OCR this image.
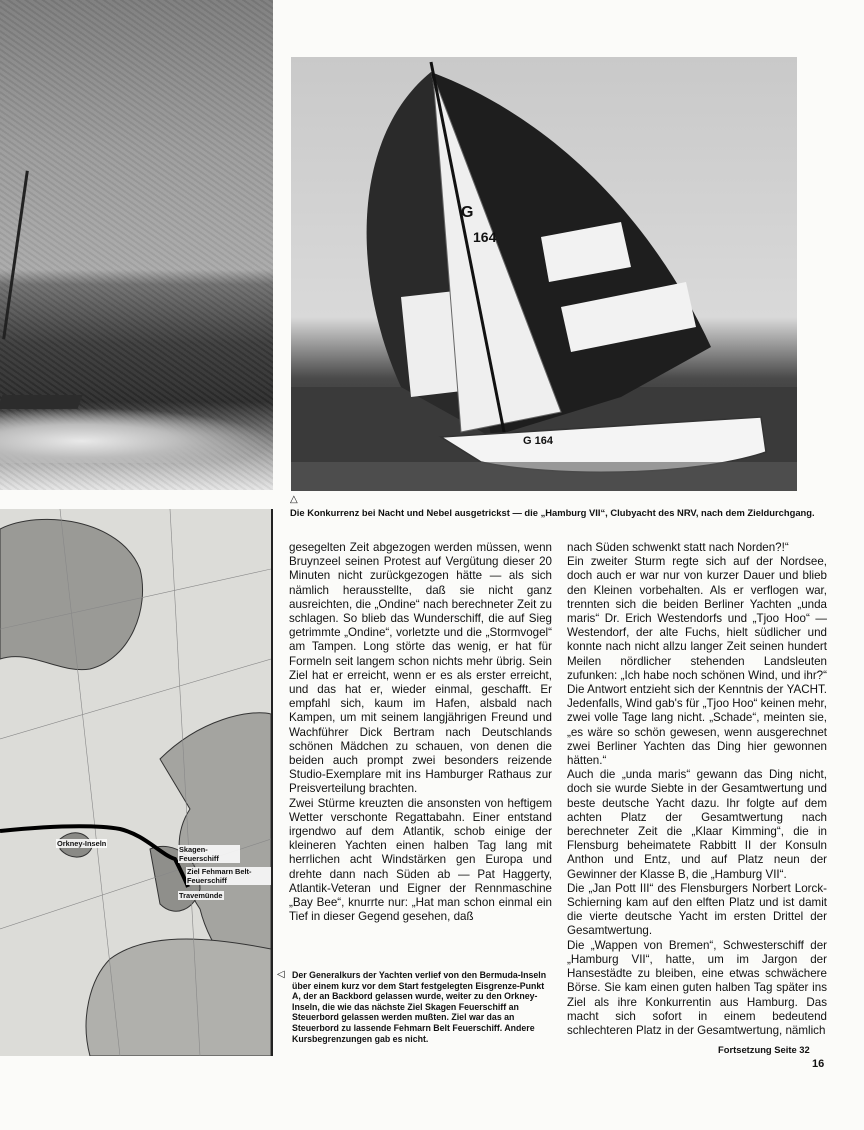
G
164
G 164
△
Die Konkurrenz bei Nacht und Nebel ausgetrickst — die „Hamburg VII“, Clubyacht des NRV, nach dem Zieldurchgang.
Orkney-Inseln
Skagen-Feuerschiff
Ziel Fehmarn Belt-Feuerschiff
Travemünde

gesegelten Zeit abgezogen werden müssen, wenn Bruynzeel seinen Protest auf Vergütung dieser 20 Minuten nicht zurückgezogen hätte — als sich nämlich herausstellte, daß sie nicht ganz ausreichten, die „Ondine“ nach berechneter Zeit zu schlagen. So blieb das Wunderschiff, die auf Sieg getrimmte „Ondine“, vorletzte und die „Stormvogel“ am Tampen. Long störte das wenig, er hat für Formeln seit langem schon nichts mehr übrig. Sein Ziel hat er erreicht, wenn er es als erster erreicht, und das hat er, wieder einmal, geschafft. Er empfahl sich, kaum im Hafen, alsbald nach Kampen, um mit seinem langjährigen Freund und Wachführer Dick Bertram nach Deutschlands schönen Mädchen zu schauen, von denen die beiden auch prompt zwei besonders reizende Studio-Exemplare mit ins Hamburger Rathaus zur Preisverteilung brachten.

Zwei Stürme kreuzten die ansonsten von heftigem Wetter verschonte Regattabahn. Einer entstand irgendwo auf dem Atlantik, schob einige der kleineren Yachten einen halben Tag lang mit herrlichen acht Windstärken gen Europa und drehte dann nach Süden ab — Pat Haggerty, Atlantik-Veteran und Eigner der Rennmaschine „Bay Bee“, knurrte nur: „Hat man schon einmal ein Tief in dieser Gegend gesehen, daß

nach Süden schwenkt statt nach Norden?!“

Ein zweiter Sturm regte sich auf der Nordsee, doch auch er war nur von kurzer Dauer und blieb den Kleinen vorbehalten. Als er verflogen war, trennten sich die beiden Berliner Yachten „unda maris“ Dr. Erich Westendorfs und „Tjoo Hoo“ — Westendorf, der alte Fuchs, hielt südlicher und konnte nach nicht allzu langer Zeit seinen hundert Meilen nördlicher stehenden Landsleuten zufunken: „Ich habe noch schönen Wind, und ihr?“ Die Antwort entzieht sich der Kenntnis der YACHT. Jedenfalls, Wind gab's für „Tjoo Hoo“ keinen mehr, zwei volle Tage lang nicht. „Schade“, meinten sie, „es wäre so schön gewesen, wenn ausgerechnet zwei Berliner Yachten das Ding hier gewonnen hätten.“

Auch die „unda maris“ gewann das Ding nicht, doch sie wurde Siebte in der Gesamtwertung und beste deutsche Yacht dazu. Ihr folgte auf dem achten Platz der Gesamtwertung nach berechneter Zeit die „Klaar Kimming“, die in Flensburg beheimatete Rabbitt II der Konsuln Anthon und Entz, und auf Platz neun der Gewinner der Klasse B, die „Hamburg VII“.

Die „Jan Pott III“ des Flensburgers Norbert Lorck-Schierning kam auf den elften Platz und ist damit die vierte deutsche Yacht im ersten Drittel der Gesamtwertung.

Die „Wappen von Bremen“, Schwesterschiff der „Hamburg VII“, hatte, um im Jargon der Hansestädte zu bleiben, eine etwas schwächere Börse. Sie kam einen guten halben Tag später ins Ziel als ihre Konkurrentin aus Hamburg. Das macht sich sofort in einem bedeutend schlechteren Platz in der Gesamtwertung, nämlich

◁ Der Generalkurs der Yachten verlief von den Bermuda-Inseln über einem kurz vor dem Start festgelegten Eisgrenze-Punkt A, der an Backbord gelassen wurde, weiter zu den Orkney-Inseln, die wie das nächste Ziel Skagen Feuerschiff an Steuerbord gelassen werden mußten. Ziel war das an Steuerbord zu lassende Fehmarn Belt Feuerschiff. Andere Kursbegrenzungen gab es nicht.
Fortsetzung Seite 32
16
